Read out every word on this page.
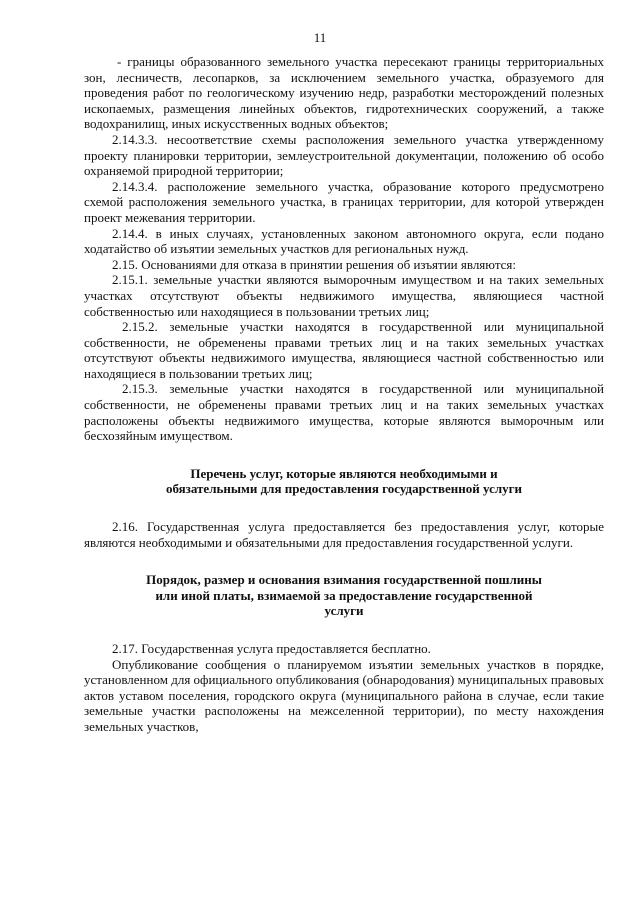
11

- границы образованного земельного участка пересекают границы территориальных зон, лесничеств, лесопарков, за исключением земельного участка, образуемого для проведения работ по геологическому изучению недр, разработки месторождений полезных ископаемых, размещения линейных объектов, гидротехнических сооружений, а также водохранилищ, иных искусственных водных объектов;

2.14.3.3. несоответствие схемы расположения земельного участка утвержденному проекту планировки территории, землеустроительной документации, положению об особо охраняемой природной территории;

2.14.3.4. расположение земельного участка, образование которого предусмотрено схемой расположения земельного участка, в границах территории, для которой утвержден проект межевания территории.

2.14.4. в иных случаях, установленных законом автономного округа, если подано ходатайство об изъятии земельных участков для региональных нужд.

2.15. Основаниями для отказа в принятии решения об изъятии являются:

2.15.1. земельные участки являются выморочным имуществом и на таких земельных участках отсутствуют объекты недвижимого имущества, являющиеся частной собственностью или находящиеся в пользовании третьих лиц;

2.15.2. земельные участки находятся в государственной или муниципальной собственности, не обременены правами третьих лиц и на таких земельных участках отсутствуют объекты недвижимого имущества, являющиеся частной собственностью или находящиеся в пользовании третьих лиц;

2.15.3. земельные участки находятся в государственной или муниципальной собственности, не обременены правами третьих лиц и на таких земельных участках расположены объекты недвижимого имущества, которые являются выморочным или бесхозяйным имуществом.

Перечень услуг, которые являются необходимыми и

обязательными для предоставления государственной услуги

2.16. Государственная услуга предоставляется без предоставления услуг, которые являются необходимыми и обязательными для предоставления государственной услуги.

Порядок, размер и основания взимания государственной пошлины

или иной платы, взимаемой за предоставление государственной

услуги

2.17. Государственная услуга предоставляется бесплатно.

Опубликование сообщения о планируемом изъятии земельных участков в порядке, установленном для официального опубликования (обнародования) муниципальных правовых актов уставом поселения, городского округа (муниципального района в случае, если такие земельные участки расположены на межселенной территории), по месту нахождения земельных участков,
